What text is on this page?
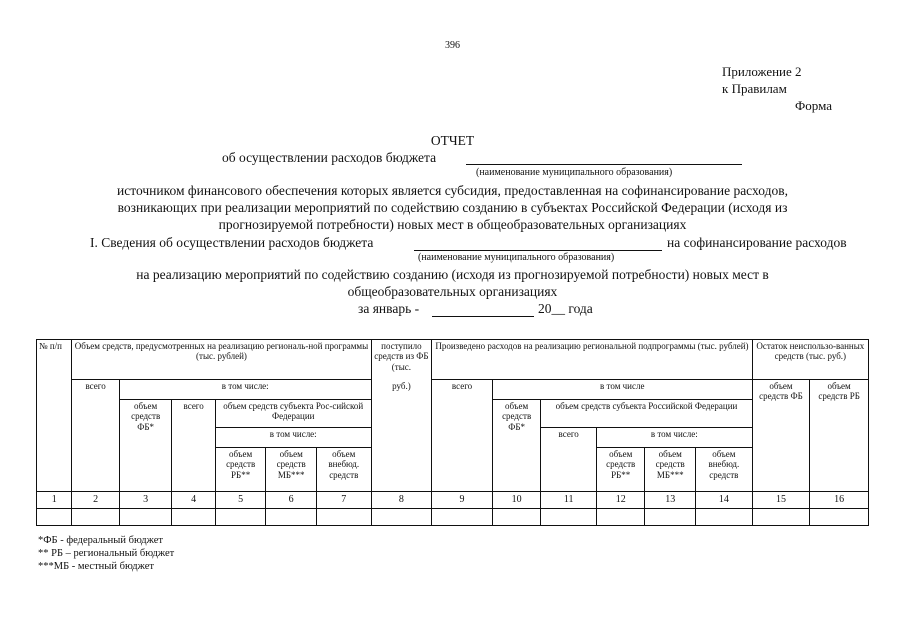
396
Приложение 2
к Правилам
Форма
ОТЧЕТ
об осуществлении расходов бюджета
(наименование муниципального образования)
источником финансового обеспечения которых является субсидия, предоставленная на софинансирование расходов,
возникающих при реализации мероприятий по содействию созданию в субъектах Российской Федерации (исходя из
прогнозируемой потребности) новых мест в общеобразовательных организациях
I. Сведения об осуществлении расходов бюджета	на софинансирование расходов
(наименование муниципального образования)
на реализацию мероприятий по содействию созданию (исходя из прогнозируемой потребности) новых мест в
общеобразовательных организациях
за январь -	20__ года
№ п/п	Объем средств, предусмотренных на реализацию региональ-ной программы (тыс. рублей)						поступило средств из ФБ (тыс.	Произведено расходов на реализацию региональной подпрограммы (тыс. рублей)						Остаток неиспользо-ванных средств (тыс. руб.)	
	всего	в том числе:					руб.)	всего	в том числе					объем средств ФБ	объем средств РБ
		объем средств ФБ*	всего	объем средств субъекта Рос-сийской Федерации					объем средств ФБ*	объем средств субъекта Российской Федерации					
				в том числе:						всего	в том числе:				
				объем средств РБ**	объем средств МБ***	объем внебюд. средств					объем средств РБ**	объем средств МБ***	объем внебюд. средств		
1	2	3	4	5	6	7	8	9	10	11	12	13	14	15	16

*ФБ - федеральный бюджет
** РБ – региональный бюджет
***МБ - местный бюджет
